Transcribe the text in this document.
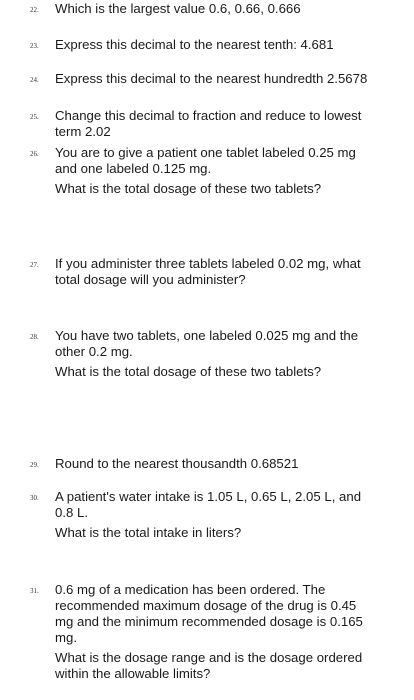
22. Which is the largest value 0.6, 0.66, 0.666
23. Express this decimal to the nearest tenth: 4.681
24. Express this decimal to the nearest hundredth 2.5678
25. Change this decimal to fraction and reduce to lowest
term 2.02
26. You are to give a patient one tablet labeled 0.25 mg
and one labeled 0.125 mg.
What is the total dosage of these two tablets?
27. If you administer three tablets labeled 0.02 mg, what
total dosage will you administer?
28. You have two tablets, one labeled 0.025 mg and the
other 0.2 mg.
What is the total dosage of these two tablets?
29. Round to the nearest thousandth 0.68521
30. A patient's water intake is 1.05 L, 0.65 L, 2.05 L, and
0.8 L.
What is the total intake in liters?
31. 0.6 mg of a medication has been ordered. The
recommended maximum dosage of the drug is 0.45
mg and the minimum recommended dosage is 0.165
mg.
What is the dosage range and is the dosage ordered
within the allowable limits?
